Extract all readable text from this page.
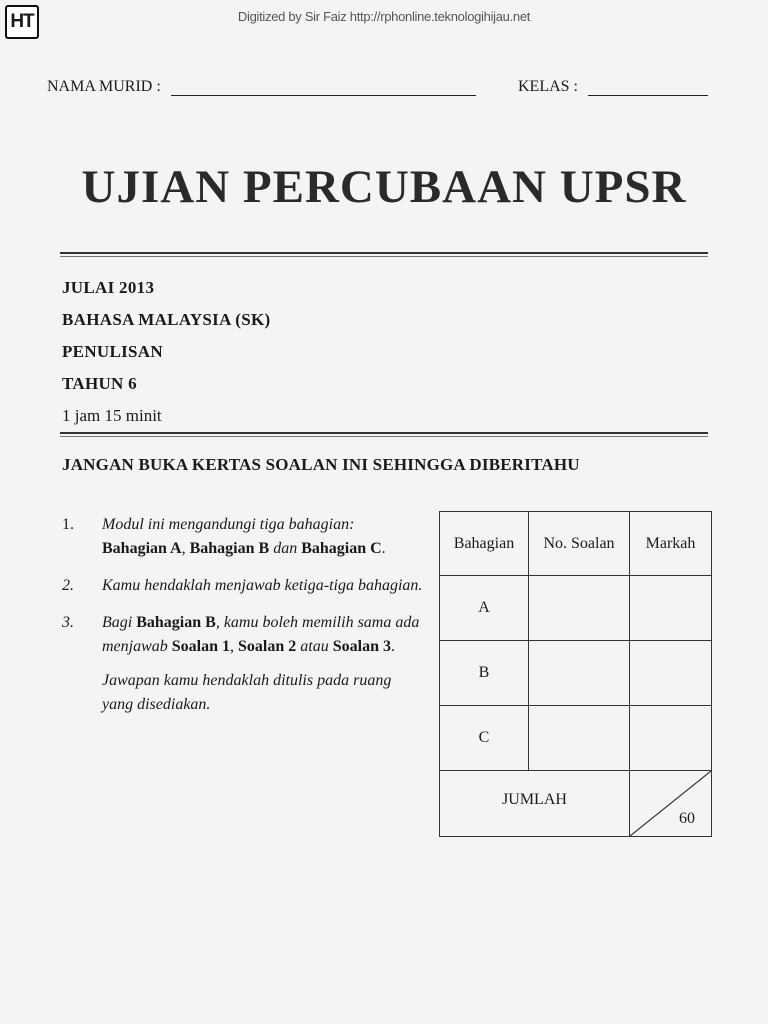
HT	Digitized by Sir Faiz http://rphonline.teknologihijau.net
NAMA MURID :	KELAS :
UJIAN PERCUBAAN UPSR
JULAI 2013
BAHASA MALAYSIA (SK)
PENULISAN
TAHUN 6
1 jam 15 minit
JANGAN BUKA KERTAS SOALAN INI SEHINGGA DIBERITAHU
1.	Modul ini mengandungi tiga bahagian:
Bahagian A, Bahagian B dan Bahagian C.
2.	Kamu hendaklah menjawab ketiga-tiga bahagian.
3.	Bagi Bahagian B, kamu boleh memilih sama ada menjawab Soalan 1, Soalan 2 atau Soalan 3.
Jawapan kamu hendaklah ditulis pada ruang yang disediakan.
Bahagian	No. Soalan	Markah
A		
B		
C		
JUMLAH		60
